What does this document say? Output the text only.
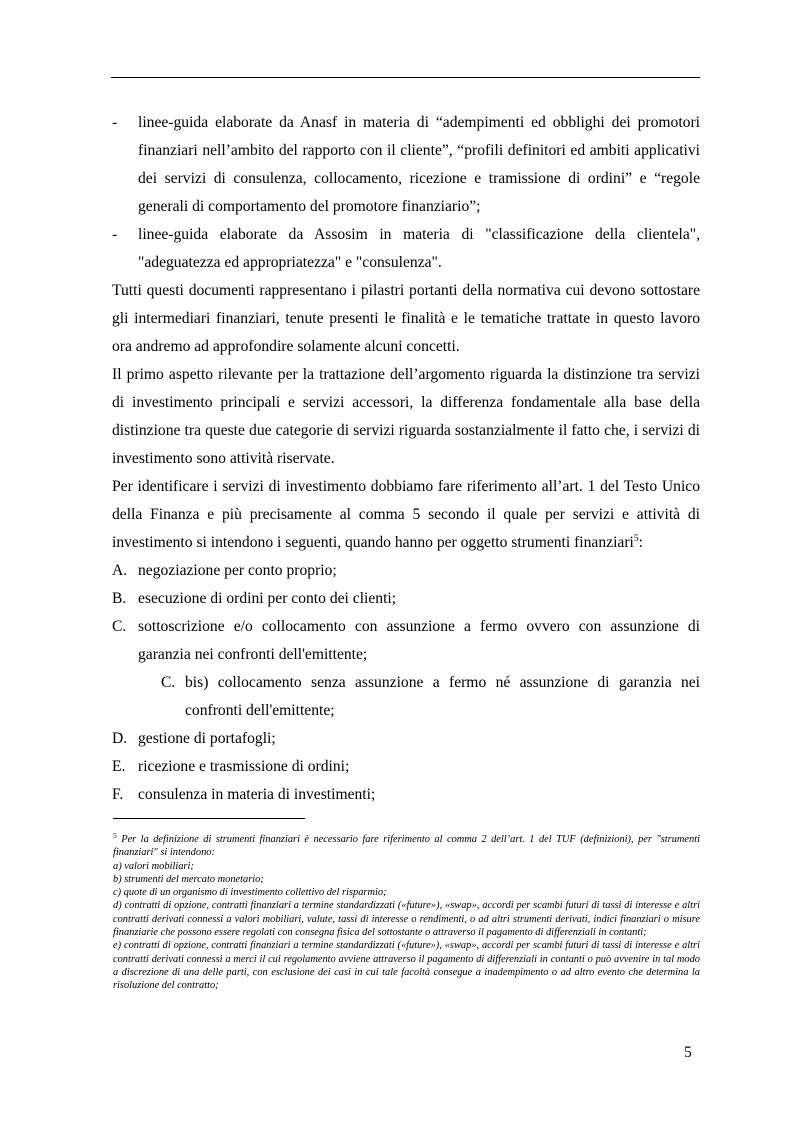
- linee-guida elaborate da Anasf in materia di “adempimenti ed obblighi dei promotori finanziari nell’ambito del rapporto con il cliente”, “profili definitori ed ambiti applicativi dei servizi di consulenza, collocamento, ricezione e tramissione di ordini” e “regole generali di comportamento del promotore finanziario”;
- linee-guida elaborate da Assosim in materia di "classificazione della clientela", "adeguatezza ed appropriatezza" e "consulenza".

Tutti questi documenti rappresentano i pilastri portanti della normativa cui devono sottostare gli intermediari finanziari, tenute presenti le finalità e le tematiche trattate in questo lavoro ora andremo ad approfondire solamente alcuni concetti.

Il primo aspetto rilevante per la trattazione dell’argomento riguarda la distinzione tra servizi di investimento principali e servizi accessori, la differenza fondamentale alla base della distinzione tra queste due categorie di servizi riguarda sostanzialmente il fatto che, i servizi di investimento sono attività riservate.

Per identificare i servizi di investimento dobbiamo fare riferimento all’art. 1 del Testo Unico della Finanza e più precisamente al comma 5 secondo il quale per servizi e attività di investimento si intendono i seguenti, quando hanno per oggetto strumenti finanziari$^5$:

A. negoziazione per conto proprio;
B. esecuzione di ordini per conto dei clienti;
C. sottoscrizione e/o collocamento con assunzione a fermo ovvero con assunzione di garanzia nei confronti dell'emittente;
C. bis) collocamento senza assunzione a fermo né assunzione di garanzia nei confronti dell'emittente;
D. gestione di portafogli;
E. ricezione e trasmissione di ordini;
F. consulenza in materia di investimenti;

$^5$ Per la definizione di strumenti finanziari è necessario fare riferimento al comma 2 dell’art. 1 del TUF (definizioni), per "strumenti finanziari" si intendono:

a) valori mobiliari;
b) strumenti del mercato monetario;
c) quote di un organismo di investimento collettivo del risparmio;

d) contratti di opzione, contratti finanziari a termine standardizzati («future»), «swap», accordi per scambi futuri di tassi di interesse e altri contratti derivati connessi a valori mobiliari, valute, tassi di interesse o rendimenti, o ad altri strumenti derivati, indici finanziari o misure finanziarie che possono essere regolati con consegna fisica del sottostante o attraverso il pagamento di differenziali in contanti;

e) contratti di opzione, contratti finanziari a termine standardizzati («future»), «swap», accordi per scambi futuri di tassi di interesse e altri contratti derivati connessi a merci il cui regolamento avviene attraverso il pagamento di differenziali in contanti o può avvenire in tal modo a discrezione di una delle parti, con esclusione dei casi in cui tale facoltà consegue a inadempimento o ad altro evento che determina la risoluzione del contratto;

5
